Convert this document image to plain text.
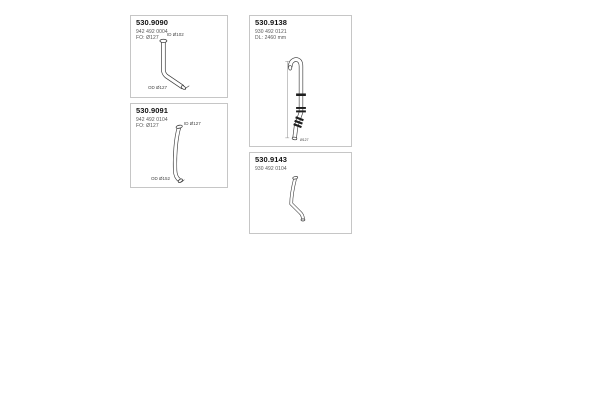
530.9090
942 492 0004
FO: Ø127
ID Ø102
OD Ø127
530.9091
942 492 0104
FO: Ø127	ID Ø127
OD Ø152
530.9138
930 492 0121
DL: 2460 mm
Ø127
530.9143
930 492 0104
